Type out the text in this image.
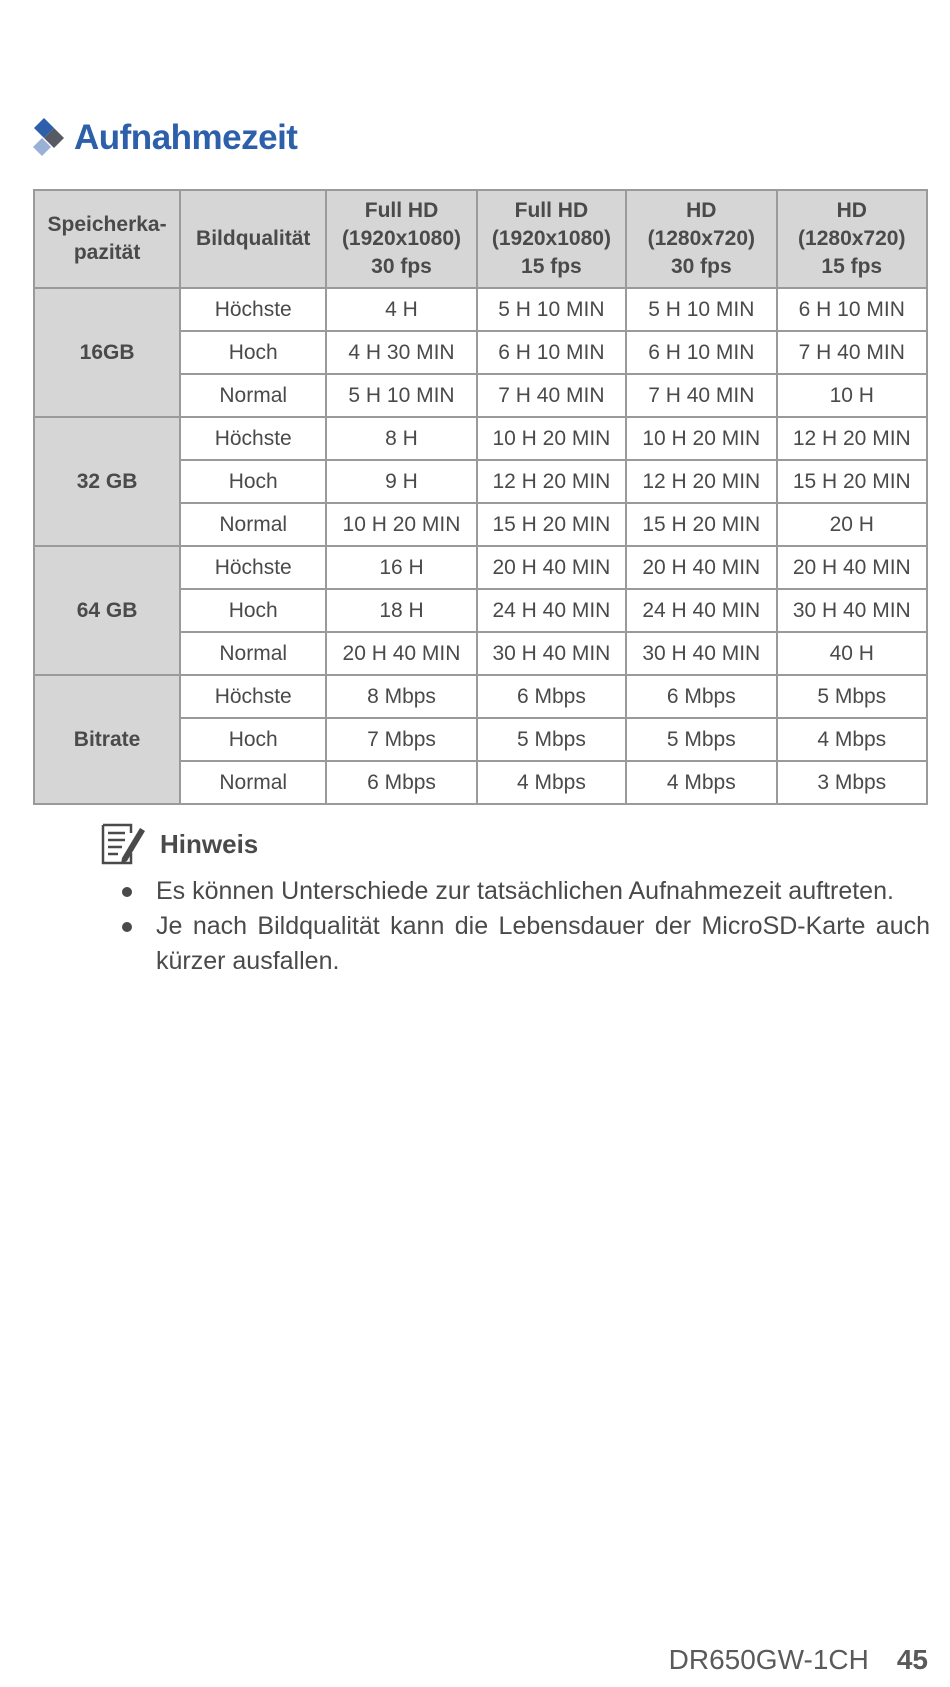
Aufnahmezeit
Speicherka-
pazität	Bildqualität	Full HD
(1920x1080)
30 fps	Full HD
(1920x1080)
15 fps	HD
(1280x720)
30 fps	HD
(1280x720)
15 fps
16GB	Höchste	4 H	5 H 10 MIN	5 H 10 MIN	6 H 10 MIN
	Hoch	4 H 30 MIN	6 H 10 MIN	6 H 10 MIN	7 H 40 MIN
	Normal	5 H 10 MIN	7 H 40 MIN	7 H 40 MIN	10 H
32 GB	Höchste	8 H	10 H 20 MIN	10 H 20 MIN	12 H 20 MIN
	Hoch	9 H	12 H 20 MIN	12 H 20 MIN	15 H 20 MIN
	Normal	10 H 20 MIN	15 H 20 MIN	15 H 20 MIN	20 H
64 GB	Höchste	16 H	20 H 40 MIN	20 H 40 MIN	20 H 40 MIN
	Hoch	18 H	24 H 40 MIN	24 H 40 MIN	30 H 40 MIN
	Normal	20 H 40 MIN	30 H 40 MIN	30 H 40 MIN	40 H
Bitrate	Höchste	8 Mbps	6 Mbps	6 Mbps	5 Mbps
	Hoch	7 Mbps	5 Mbps	5 Mbps	4 Mbps
	Normal	6 Mbps	4 Mbps	4 Mbps	3 Mbps
Hinweis
Es können Unterschiede zur tatsächlichen Aufnahmezeit auftreten.
Je nach Bildqualität kann die Lebensdauer der MicroSD-Karte auch kürzer ausfallen.
DR650GW-1CH 45
